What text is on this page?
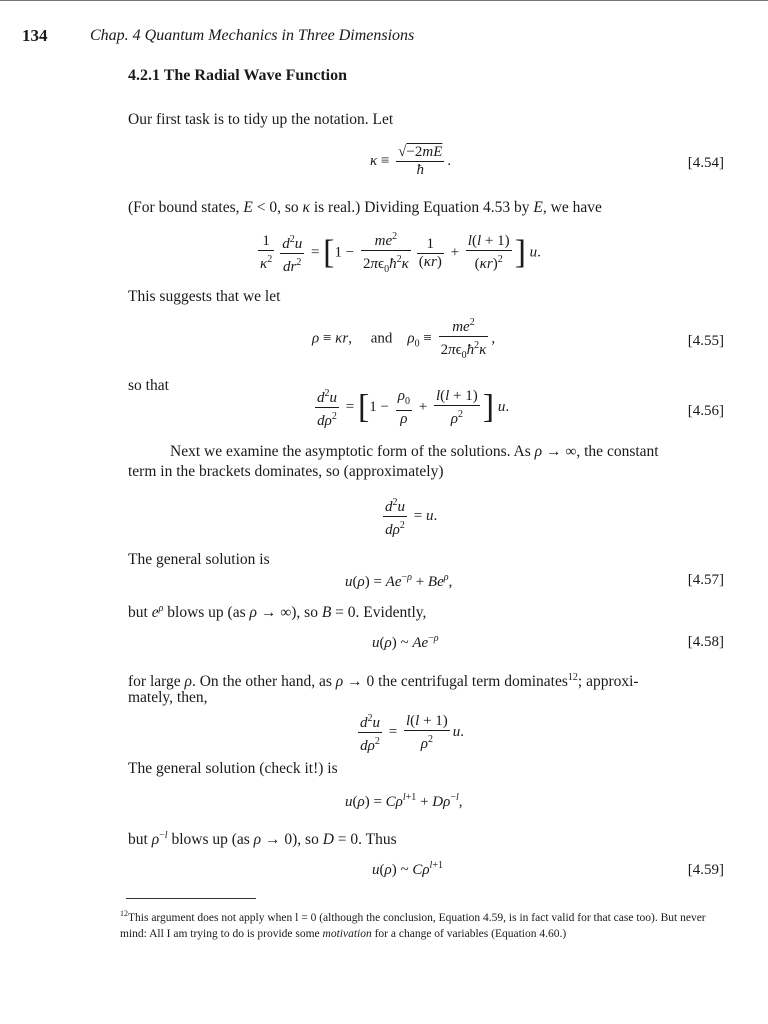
134	Chap. 4 Quantum Mechanics in Three Dimensions
4.2.1 The Radial Wave Function
Our first task is to tidy up the notation. Let
$\kappa \equiv \frac{√-2mE}{ħ}$ .	[4.54]
(For bound states, E < 0, so κ is real.) Dividing Equation 4.53 by E, we have
$\frac{1}{\kappa^2} \frac{d^2u}{dr^2} = [1 - \frac{me^2}{2\pi\epsilon_0ħ^2\kappa} \frac{1}{(\kappa r)} + \frac{l(l + 1)}{(\kappa r)^2}$ ] u.
This suggests that we let
ρ ≡ κr,     and    $\rho_0 \equiv \frac{me^2}{2\pi\epsilon_0ħ^2\kappa}$ ,	[4.55]
so that	$\frac{d^2u}{d\rho^2} = [1 - \frac{\rho_0}{\rho} + \frac{l(l + 1)}{\rho^2}$ ] u.	[4.56]
Next we examine the asymptotic form of the solutions. As ρ → ∞, the constant
term in the brackets dominates, so (approximately)
$\frac{d^2u}{d\rho^2} = u$.
The general solution is
$u(\rho) = Ae^{-\rho} + Be^\rho$,	[4.57]
but $e^\rho$ blows up (as ρ → ∞), so B = 0. Evidently,
u(ρ) ~ $Ae^{-\rho}$	[4.58]
for large ρ. On the other hand, as ρ → 0 the centrifugal term dominates$^{12}$; approxi-
mately, then,
$\frac{d^2u}{d\rho^2} = \frac{l(l + 1)}{\rho^2} u$.
The general solution (check it!) is
$u(\rho) = C\rho^{l+1} + D\rho^{-l}$,
but $\rho^{-l}$ blows up (as ρ → 0), so D = 0. Thus
u(ρ) ~ $C\rho^{l+1}$	[4.59]
$^{12}$This argument does not apply when l = 0 (although the conclusion, Equation 4.59, is in fact valid for that case too). But never mind: All I am trying to do is provide some motivation for a change of variables (Equation 4.60.)
